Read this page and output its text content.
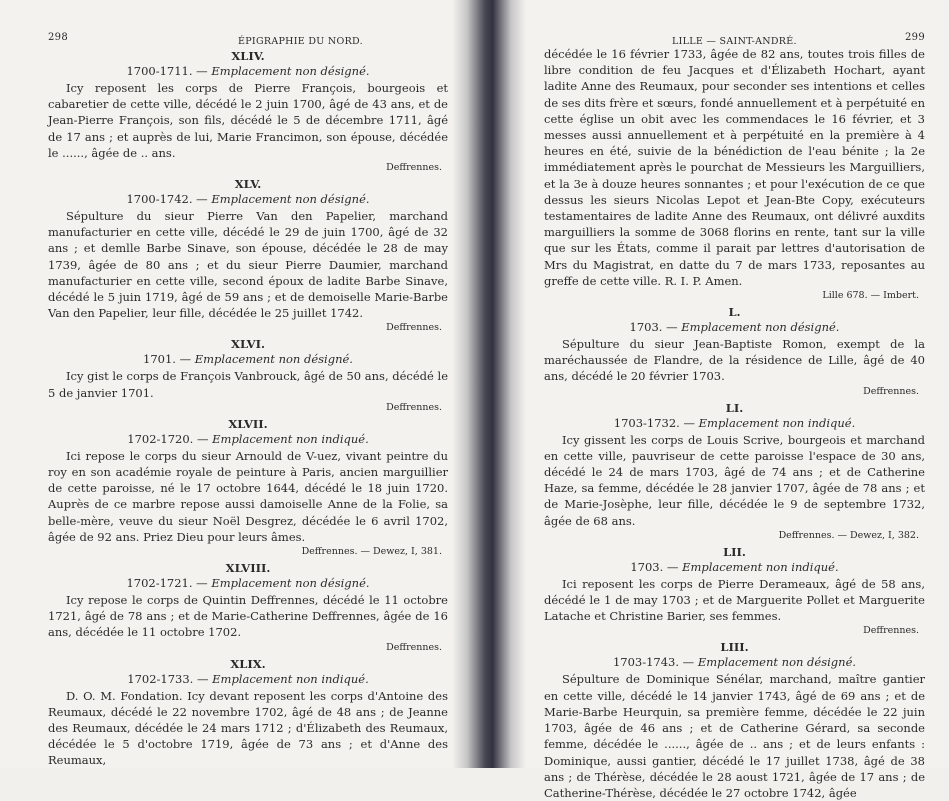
298	ÉPIGRAPHIE DU NORD.
XLIV.
1700-1711. — Emplacement non désigné.

Icy reposent les corps de Pierre François, bourgeois et cabaretier de cette ville, décédé le 2 juin 1700, âgé de 43 ans, et de Jean-Pierre François, son fils, décédé le 5 de décembre 1711, âgé de 17 ans ; et auprès de lui, Marie Francimon, son épouse, décédée le ......, âgée de .. ans.

Deffrennes.
XLV.
1700-1742. — Emplacement non désigné.

Sépulture du sieur Pierre Van den Papelier, marchand manufacturier en cette ville, décédé le 29 de juin 1700, âgé de 32 ans ; et demlle Barbe Sinave, son épouse, décédée le 28 de may 1739, âgée de 80 ans ; et du sieur Pierre Daumier, marchand manufacturier en cette ville, second époux de ladite Barbe Sinave, décédé le 5 juin 1719, âgé de 59 ans ; et de demoiselle Marie-Barbe Van den Papelier, leur fille, décédée le 25 juillet 1742.

Deffrennes.
XLVI.
1701. — Emplacement non désigné.

Icy gist le corps de François Vanbrouck, âgé de 50 ans, décédé le 5 de janvier 1701.

Deffrennes.
XLVII.
1702-1720. — Emplacement non indiqué.

Ici repose le corps du sieur Arnould de V-uez, vivant peintre du roy en son académie royale de peinture à Paris, ancien marguillier de cette paroisse, né le 17 octobre 1644, décédé le 18 juin 1720. Auprès de ce marbre repose aussi damoiselle Anne de la Folie, sa belle-mère, veuve du sieur Noël Desgrez, décédée le 6 avril 1702, âgée de 92 ans. Priez Dieu pour leurs âmes.

Deffrennes. — Dewez, I, 381.
XLVIII.
1702-1721. — Emplacement non désigné.

Icy repose le corps de Quintin Deffrennes, décédé le 11 octobre 1721, âgé de 78 ans ; et de Marie-Catherine Deffrennes, âgée de 16 ans, décédée le 11 octobre 1702.

Deffrennes.
XLIX.
1702-1733. — Emplacement non indiqué.

D. O. M. Fondation. Icy devant reposent les corps d'Antoine des Reumaux, décédé le 22 novembre 1702, âgé de 48 ans ; de Jeanne des Reumaux, décédée le 24 mars 1712 ; d'Élizabeth des Reumaux, décédée le 5 d'octobre 1719, âgée de 73 ans ; et d'Anne des Reumaux,

LILLE — SAINT-ANDRÉ.	299

décédée le 16 février 1733, âgée de 82 ans, toutes trois filles de libre condition de feu Jacques et d'Élizabeth Hochart, ayant ladite Anne des Reumaux, pour seconder ses intentions et celles de ses dits frère et sœurs, fondé annuellement et à perpétuité en cette église un obit avec les commendaces le 16 février, et 3 messes aussi annuellement et à perpétuité en la première à 4 heures en été, suivie de la bénédiction de l'eau bénite ; la 2e immédiatement après le pourchat de Messieurs les Marguilliers, et la 3e à douze heures sonnantes ; et pour l'exécution de ce que dessus les sieurs Nicolas Lepot et Jean-Bte Copy, exécuteurs testamentaires de ladite Anne des Reumaux, ont délivré auxdits marguilliers la somme de 3068 florins en rente, tant sur la ville que sur les États, comme il parait par lettres d'autorisation de Mrs du Magistrat, en datte du 7 de mars 1733, reposantes au greffe de cette ville. R. I. P. Amen.

Lille 678. — Imbert.
L.
1703. — Emplacement non désigné.

Sépulture du sieur Jean-Baptiste Romon, exempt de la maréchaussée de Flandre, de la résidence de Lille, âgé de 40 ans, décédé le 20 février 1703.

Deffrennes.
LI.
1703-1732. — Emplacement non indiqué.

Icy gissent les corps de Louis Scrive, bourgeois et marchand en cette ville, pauvriseur de cette paroisse l'espace de 30 ans, décédé le 24 de mars 1703, âgé de 74 ans ; et de Catherine Haze, sa femme, décédée le 28 janvier 1707, âgée de 78 ans ; et de Marie-Josèphe, leur fille, décédée le 9 de septembre 1732, âgée de 68 ans.

Deffrennes. — Dewez, I, 382.
LII.
1703. — Emplacement non indiqué.

Ici reposent les corps de Pierre Derameaux, âgé de 58 ans, décédé le 1 de may 1703 ; et de Marguerite Pollet et Marguerite Latache et Christine Barier, ses femmes.

Deffrennes.
LIII.
1703-1743. — Emplacement non désigné.

Sépulture de Dominique Sénélar, marchand, maître gantier en cette ville, décédé le 14 janvier 1743, âgé de 69 ans ; et de Marie-Barbe Heurquin, sa première femme, décédée le 22 juin 1703, âgée de 46 ans ; et de Catherine Gérard, sa seconde femme, décédée le ......, âgée de .. ans ; et de leurs enfants : Dominique, aussi gantier, décédé le 17 juillet 1738, âgé de 38 ans ; de Thérèse, décédée le 28 aoust 1721, âgée de 17 ans ; de Catherine-Thérèse, décédée le 27 octobre 1742, âgée
